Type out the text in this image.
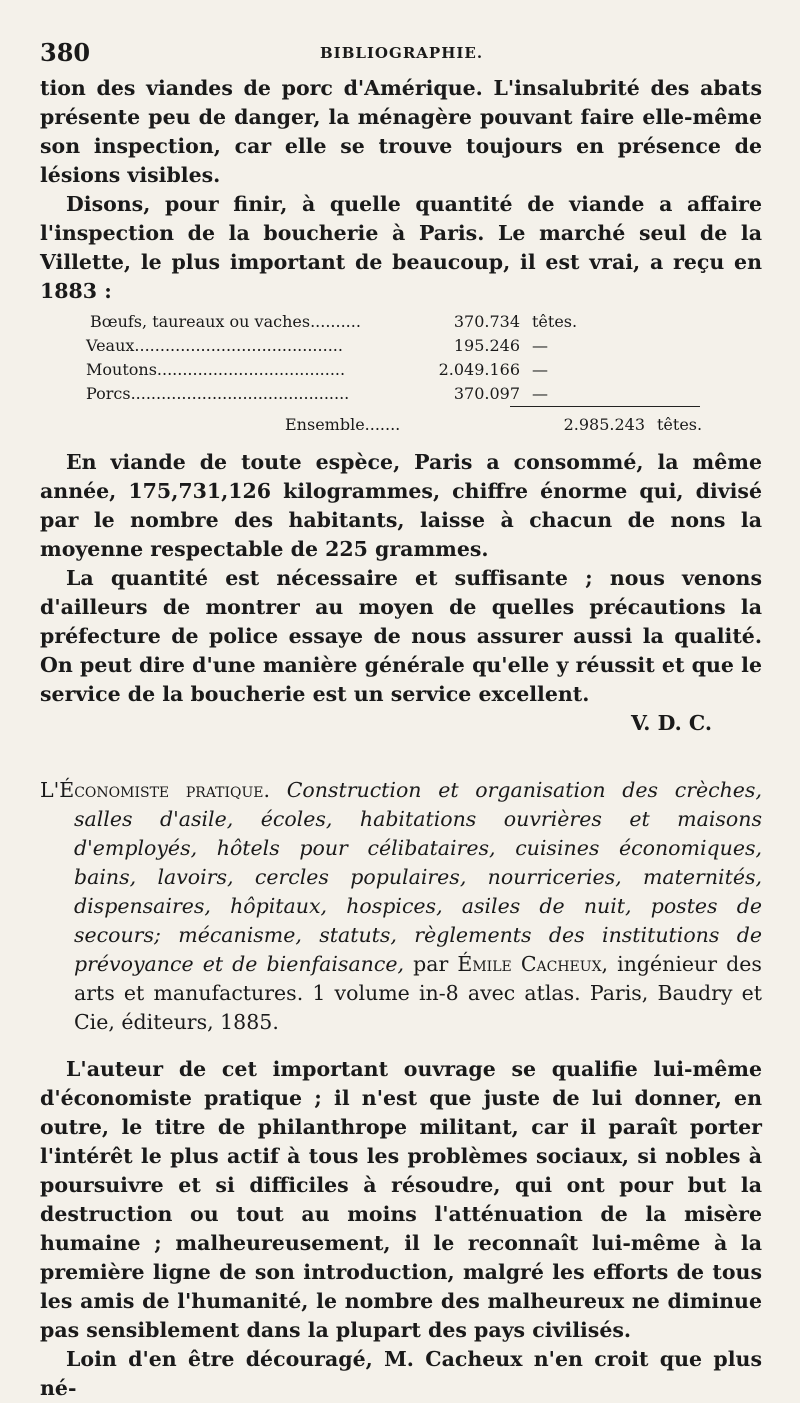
380	BIBLIOGRAPHIE.

tion des viandes de porc d'Amérique. L'insalubrité des abats présente peu de danger, la ménagère pouvant faire elle-même son inspection, car elle se trouve toujours en présence de lésions visibles.

Disons, pour finir, à quelle quantité de viande a affaire l'inspection de la boucherie à Paris. Le marché seul de la Villette, le plus important de beaucoup, il est vrai, a reçu en 1883 :

Bœufs, taureaux ou vaches..........	370.734 têtes.
Veaux.........................................	195.246 —
Moutons.....................................	2.049.166 —
Porcs...........................................	370.097 —
Ensemble.......	2.985.243 têtes.

En viande de toute espèce, Paris a consommé, la même année, 175,731,126 kilogrammes, chiffre énorme qui, divisé par le nombre des habitants, laisse à chacun de nons la moyenne respectable de 225 grammes.

La quantité est nécessaire et suffisante ; nous venons d'ailleurs de montrer au moyen de quelles précautions la préfecture de police essaye de nous assurer aussi la qualité. On peut dire d'une manière générale qu'elle y réussit et que le service de la boucherie est un service excellent.

V. D. C.

L'Économiste pratique. Construction et organisation des crèches, salles d'asile, écoles, habitations ouvrières et maisons d'employés, hôtels pour célibataires, cuisines économiques, bains, lavoirs, cercles populaires, nourriceries, maternités, dispensaires, hôpitaux, hospices, asiles de nuit, postes de secours; mécanisme, statuts, règlements des institutions de prévoyance et de bienfaisance, par Émile Cacheux, ingénieur des arts et manufactures. 1 volume in-8 avec atlas. Paris, Baudry et Cie, éditeurs, 1885.

L'auteur de cet important ouvrage se qualifie lui-même d'économiste pratique ; il n'est que juste de lui donner, en outre, le titre de philanthrope militant, car il paraît porter l'intérêt le plus actif à tous les problèmes sociaux, si nobles à poursuivre et si difficiles à résoudre, qui ont pour but la destruction ou tout au moins l'atténuation de la misère humaine ; malheureusement, il le reconnaît lui-même à la première ligne de son introduction, malgré les efforts de tous les amis de l'humanité, le nombre des malheureux ne diminue pas sensiblement dans la plupart des pays civilisés.

Loin d'en être découragé, M. Cacheux n'en croit que plus né-
